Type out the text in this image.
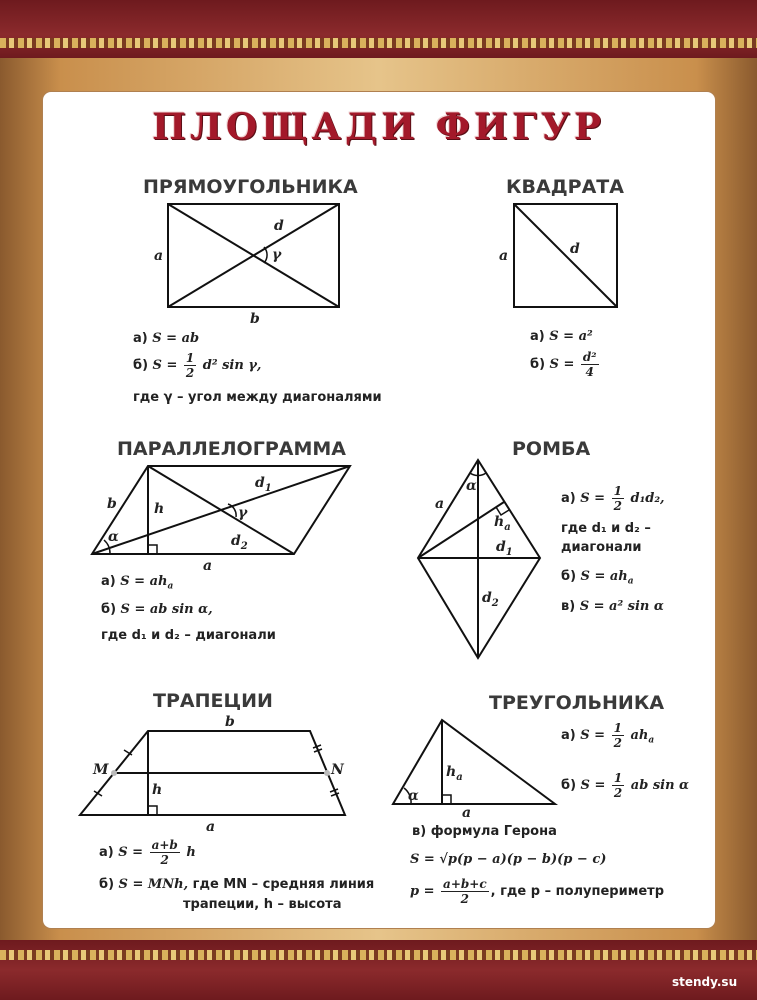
ПЛОЩАДИ ФИГУР
ПРЯМОУГОЛЬНИКА	КВАДРАТА
ПАРАЛЛЕЛОГРАММА	РОМБА
ТРАПЕЦИИ	ТРЕУГОЛЬНИКА
a
b
d
γ	a	d
b	h
$d_1$
$d_2$
γ
α
a
a
α
$h_a$
$d_1$
$d_2$
b
a
h
M	N	$h_a$
α
a
а) S = ab
б) $S = \frac{1}{2} d^2$ sin γ,
где γ – угол между диагоналями
а) S = a²
б) $S = \frac{\text{d²}}{4}$
а) $S = ah_a$
б) S = ab sin α,
где d₁ и d₂ – диагонали
а) $S = \frac{1}{2} d_1d_2$,
где d₁ и d₂ –
диагонали
б) $S = ah_a$
в) S = a² sin α
а) $S = \frac{a+b}{2}$ h
б) S = MNh, где MN – средняя линия
трапеции, h – высота
а) $S = \frac{1}{2} ah_a$
б) $S = \frac{1}{2}$ ab sin α
в) формула Герона
S = √p(p − a)(p − b)(p − c)
$p = \frac{a+b+c}{2}$ , где p – полупериметр
stendy.su
